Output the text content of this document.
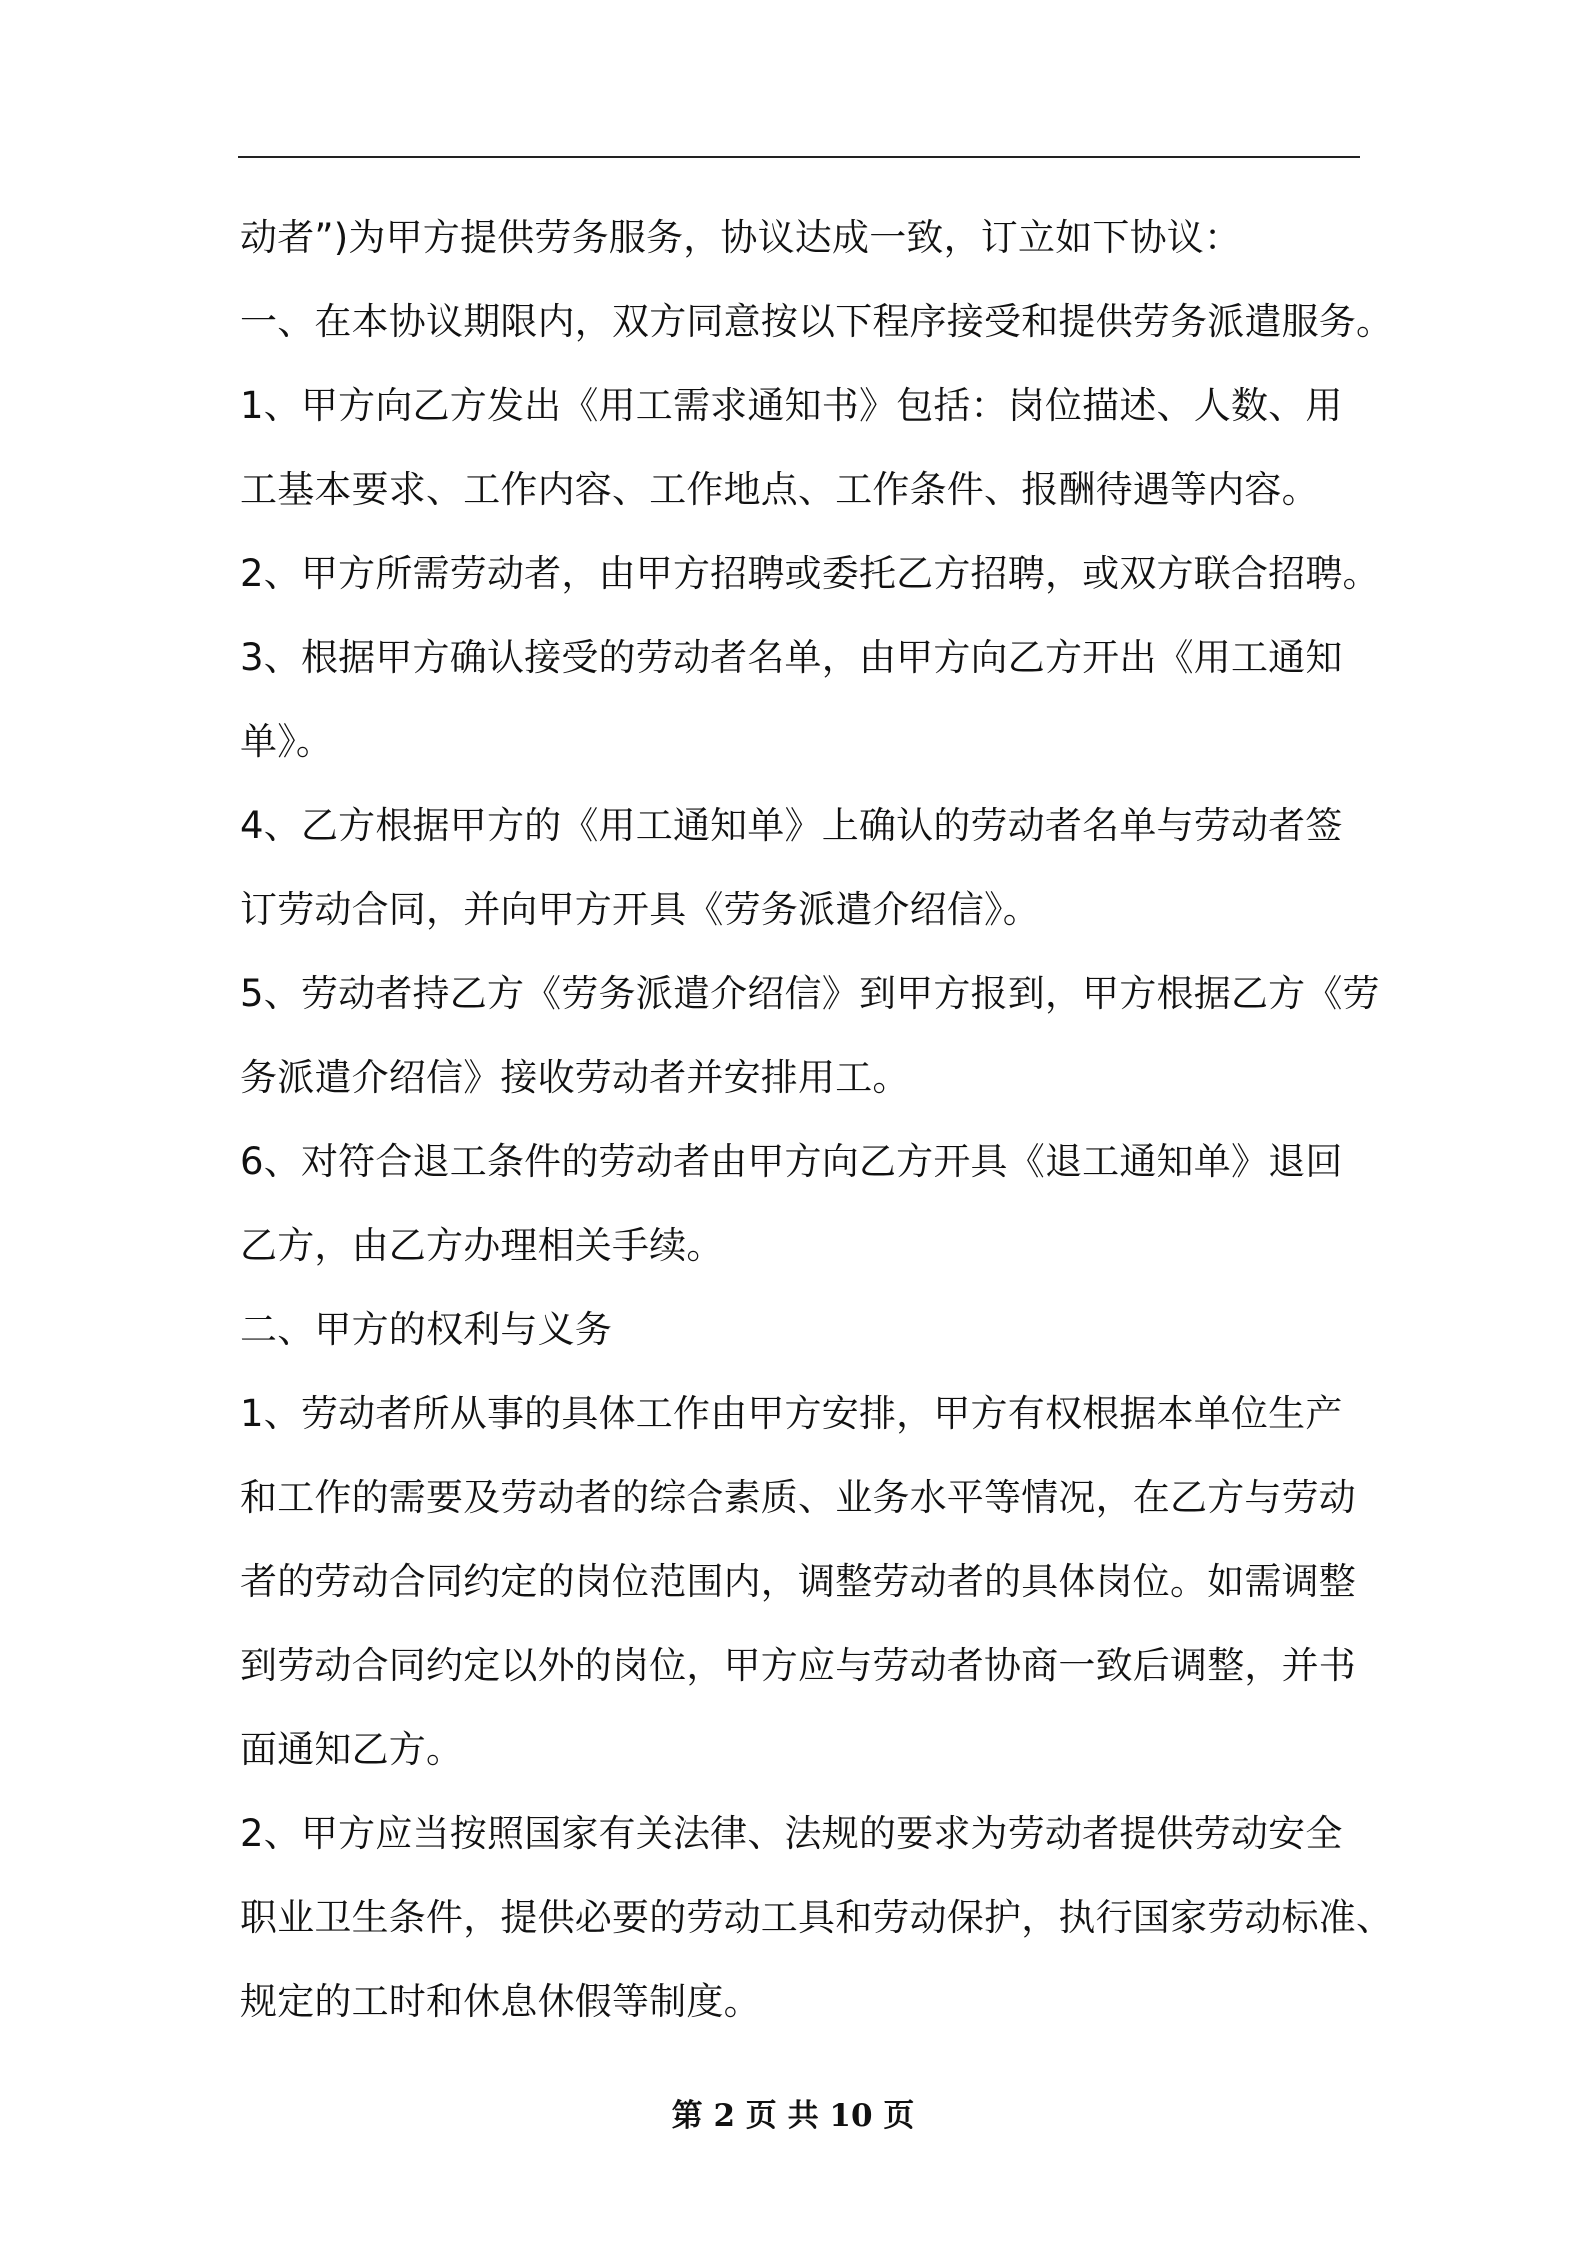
动者”)为甲方提供劳务服务，协议达成一致，订立如下协议：

一、在本协议期限内，双方同意按以下程序接受和提供劳务派遣服务。

1、甲方向乙方发出《用工需求通知书》包括：岗位描述、人数、用

工基本要求、工作内容、工作地点、工作条件、报酬待遇等内容。

2、甲方所需劳动者，由甲方招聘或委托乙方招聘，或双方联合招聘。

3、根据甲方确认接受的劳动者名单，由甲方向乙方开出《用工通知

单》。

4、乙方根据甲方的《用工通知单》上确认的劳动者名单与劳动者签

订劳动合同，并向甲方开具《劳务派遣介绍信》。

5、劳动者持乙方《劳务派遣介绍信》到甲方报到，甲方根据乙方《劳

务派遣介绍信》接收劳动者并安排用工。

6、对符合退工条件的劳动者由甲方向乙方开具《退工通知单》退回

乙方，由乙方办理相关手续。

二、甲方的权利与义务

1、劳动者所从事的具体工作由甲方安排，甲方有权根据本单位生产

和工作的需要及劳动者的综合素质、业务水平等情况，在乙方与劳动

者的劳动合同约定的岗位范围内，调整劳动者的具体岗位。如需调整

到劳动合同约定以外的岗位，甲方应与劳动者协商一致后调整，并书

面通知乙方。

2、甲方应当按照国家有关法律、法规的要求为劳动者提供劳动安全

职业卫生条件，提供必要的劳动工具和劳动保护，执行国家劳动标准、

规定的工时和休息休假等制度。

第 2 页 共 10 页
